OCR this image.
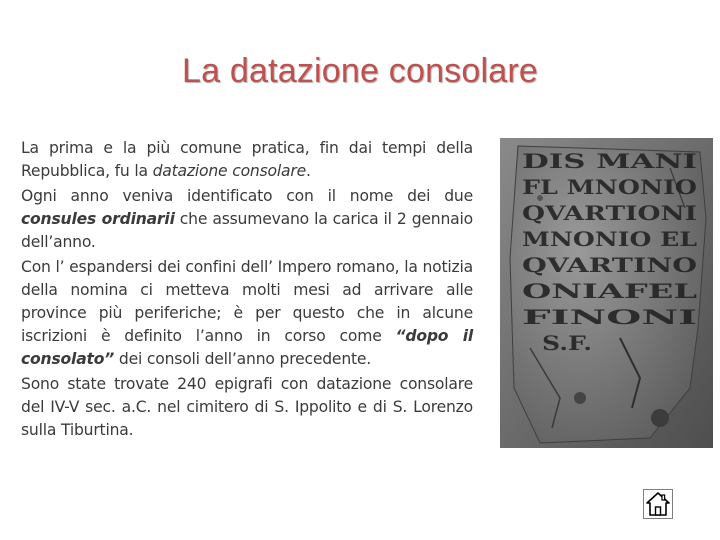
La datazione consolare

La prima e la più comune pratica, fin dai tempi della Repubblica, fu la datazione consolare.

Ogni anno veniva identificato con il nome dei due consules ordinarii che assumevano la carica il 2 gennaio dell’anno.

Con l’ espandersi dei confini dell’ Impero romano, la notizia della nomina ci metteva molti mesi ad arrivare alle province più periferiche; è per questo che in alcune iscrizioni è definito l’anno in corso come “dopo il consolato” dei consoli dell’anno precedente.

Sono state trovate 240 epigrafi con datazione consolare del IV-V sec. a.C. nel cimitero di S. Ippolito e di S. Lorenzo sulla Tiburtina.

DIS MANI
FL MNONIO
QVARTIONI
MNONIO EL
QVARTINO
ONIAFEL
FINONI
S.F.
